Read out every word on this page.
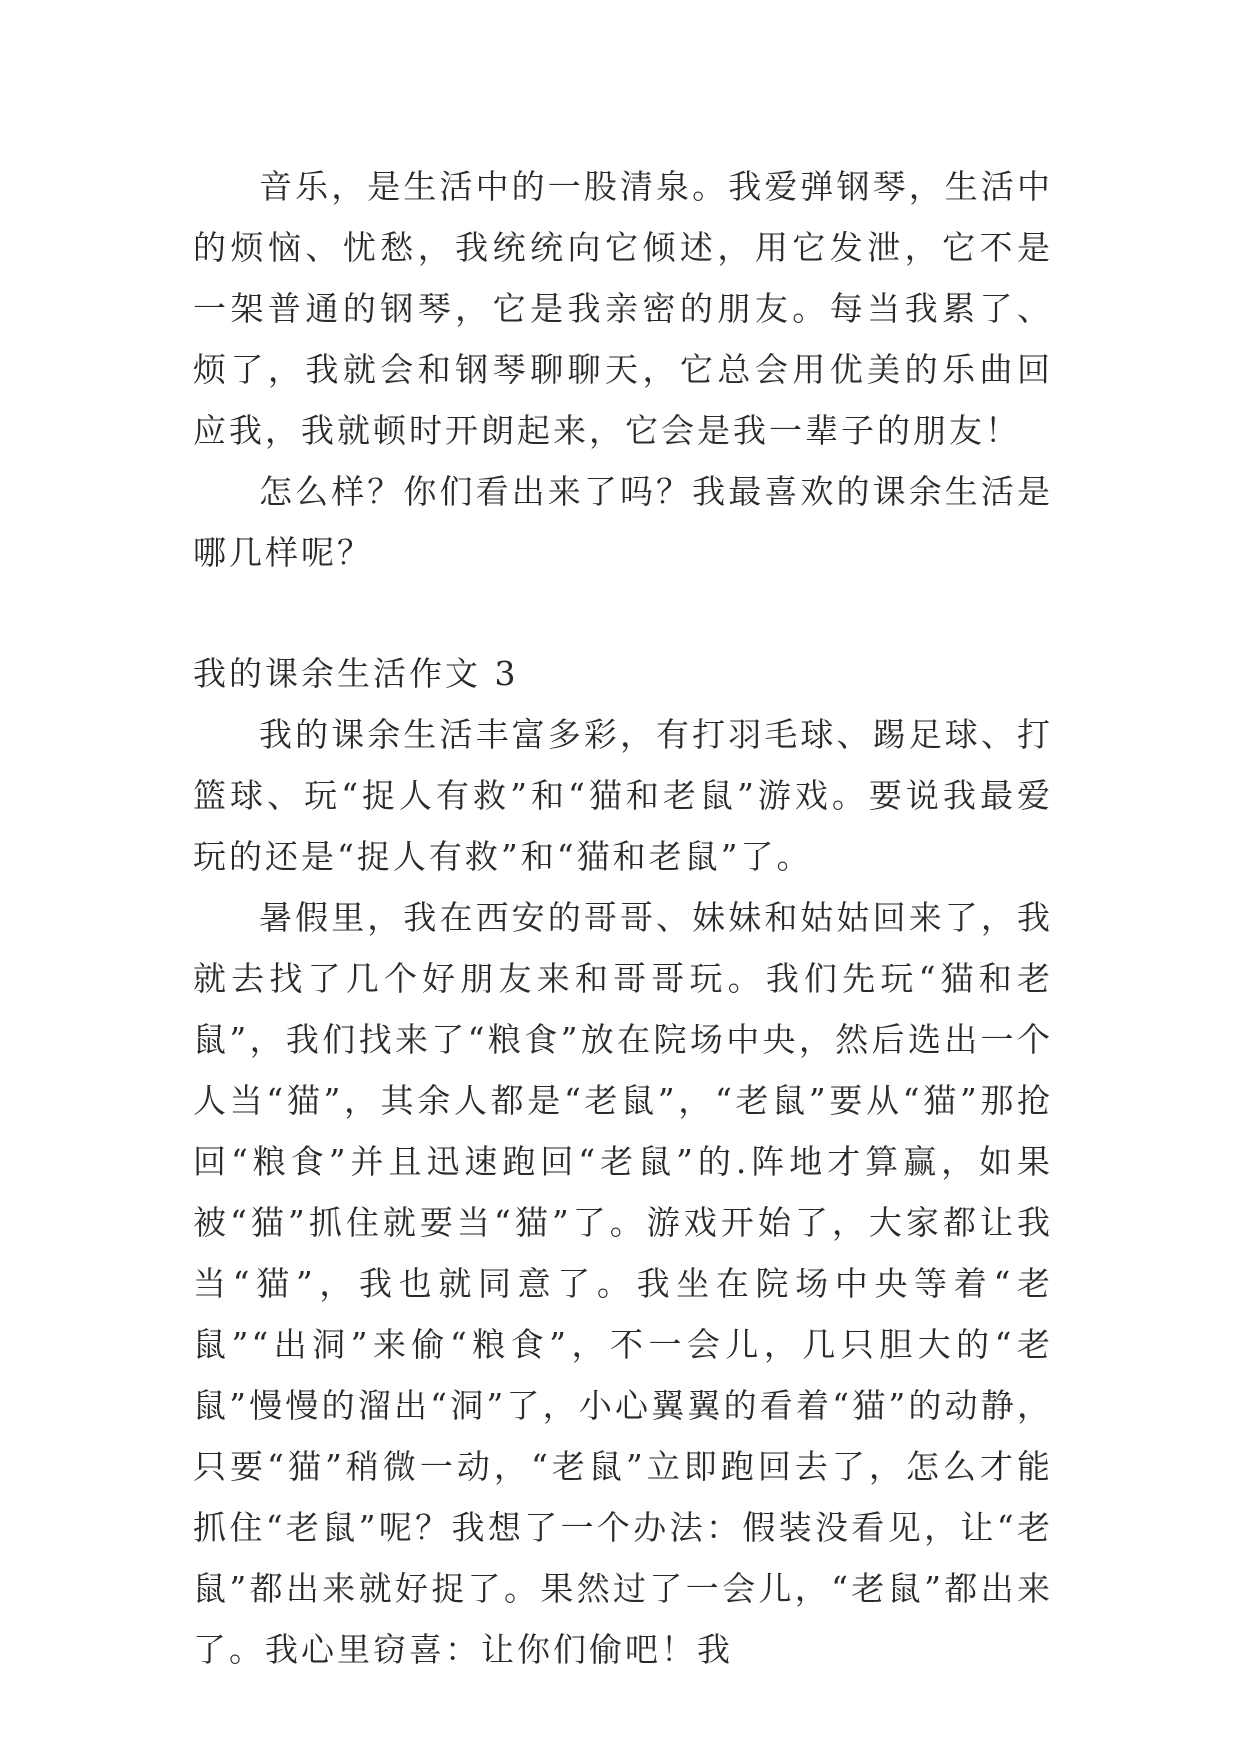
音乐，是生活中的一股清泉。我爱弹钢琴，生活中的烦恼、忧愁，我统统向它倾述，用它发泄，它不是一架普通的钢琴，它是我亲密的朋友。每当我累了、烦了，我就会和钢琴聊聊天，它总会用优美的乐曲回应我，我就顿时开朗起来，它会是我一辈子的朋友！

怎么样？你们看出来了吗？我最喜欢的课余生活是哪几样呢？

我的课余生活作文 3

我的课余生活丰富多彩，有打羽毛球、踢足球、打篮球、玩“捉人有救”和“猫和老鼠”游戏。要说我最爱玩的还是“捉人有救”和“猫和老鼠”了。

暑假里，我在西安的哥哥、妹妹和姑姑回来了，我就去找了几个好朋友来和哥哥玩。我们先玩“猫和老鼠”，我们找来了“粮食”放在院场中央，然后选出一个人当“猫”，其余人都是“老鼠”，“老鼠”要从“猫”那抢回“粮食”并且迅速跑回“老鼠”的.阵地才算赢，如果被“猫”抓住就要当“猫”了。游戏开始了，大家都让我当“猫”，我也就同意了。我坐在院场中央等着“老鼠”“出洞”来偷“粮食”，不一会儿，几只胆大的“老鼠”慢慢的溜出“洞”了，小心翼翼的看着“猫”的动静，只要“猫”稍微一动，“老鼠”立即跑回去了，怎么才能抓住“老鼠”呢？我想了一个办法：假装没看见，让“老鼠”都出来就好捉了。果然过了一会儿，“老鼠”都出来了。我心里窃喜：让你们偷吧！我
